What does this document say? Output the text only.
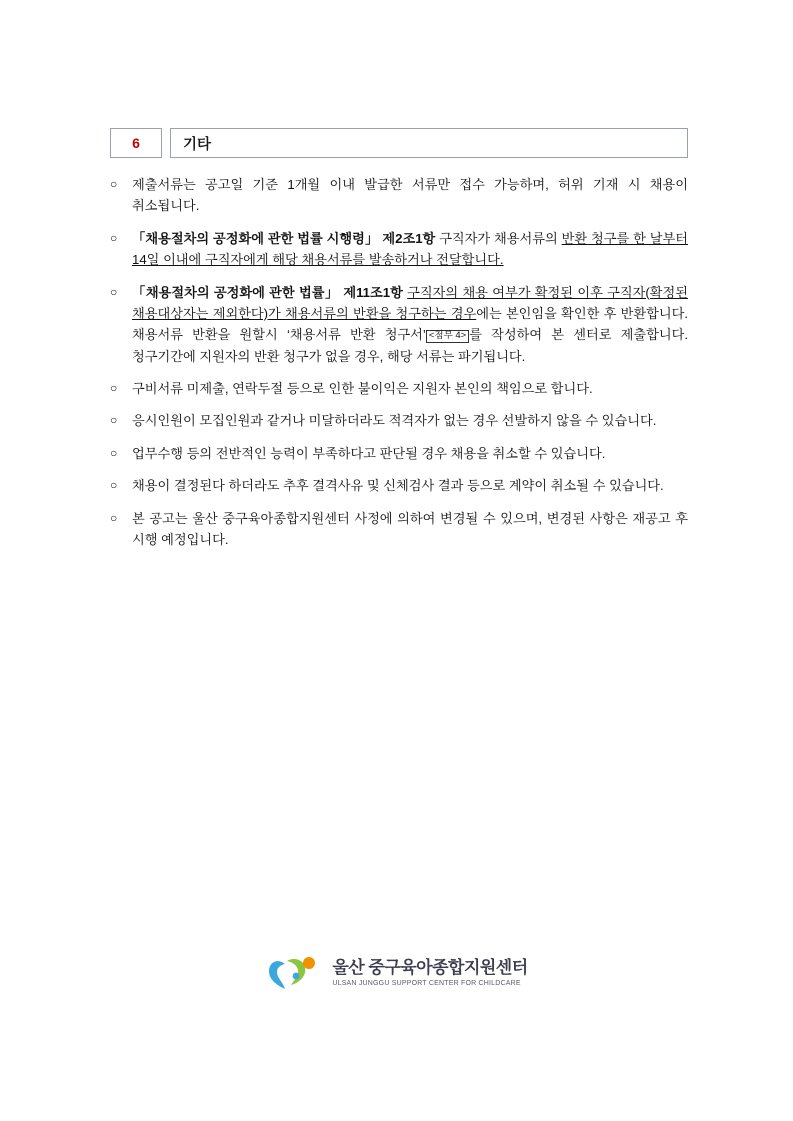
6	기타
○ 제출서류는 공고일 기준 1개월 이내 발급한 서류만 접수 가능하며, 허위 기재 시 채용이 취소됩니다.
○ 「채용절차의 공정화에 관한 법률 시행령」 제2조1항 구직자가 채용서류의 반환 청구를 한 날부터 14일 이내에 구직자에게 해당 채용서류를 발송하거나 전달합니다.
○ 「채용절차의 공정화에 관한 법률」 제11조1항 구직자의 채용 여부가 확정된 이후 구직자(확정된 채용대상자는 제외한다)가 채용서류의 반환을 청구하는 경우에는 본인임을 확인한 후 반환합니다. 채용서류 반환을 원할시 ‘채용서류 반환 청구서’ <첨부 4> 를 작성하여 본 센터로 제출합니다. 청구기간에 지원자의 반환 청구가 없을 경우, 해당 서류는 파기됩니다.
○ 구비서류 미제출, 연락두절 등으로 인한 불이익은 지원자 본인의 책임으로 합니다.
○ 응시인원이 모집인원과 같거나 미달하더라도 적격자가 없는 경우 선발하지 않을 수 있습니다.
○ 업무수행 등의 전반적인 능력이 부족하다고 판단될 경우 채용을 취소할 수 있습니다.
○ 채용이 결정된다 하더라도 추후 결격사유 및 신체검사 결과 등으로 계약이 취소될 수 있습니다.
○ 본 공고는 울산 중구육아종합지원센터 사정에 의하여 변경될 수 있으며, 변경된 사항은 재공고 후 시행 예정입니다.
울산 중구육아종합지원센터
ULSAN JUNGGU SUPPORT CENTER FOR CHILDCARE
